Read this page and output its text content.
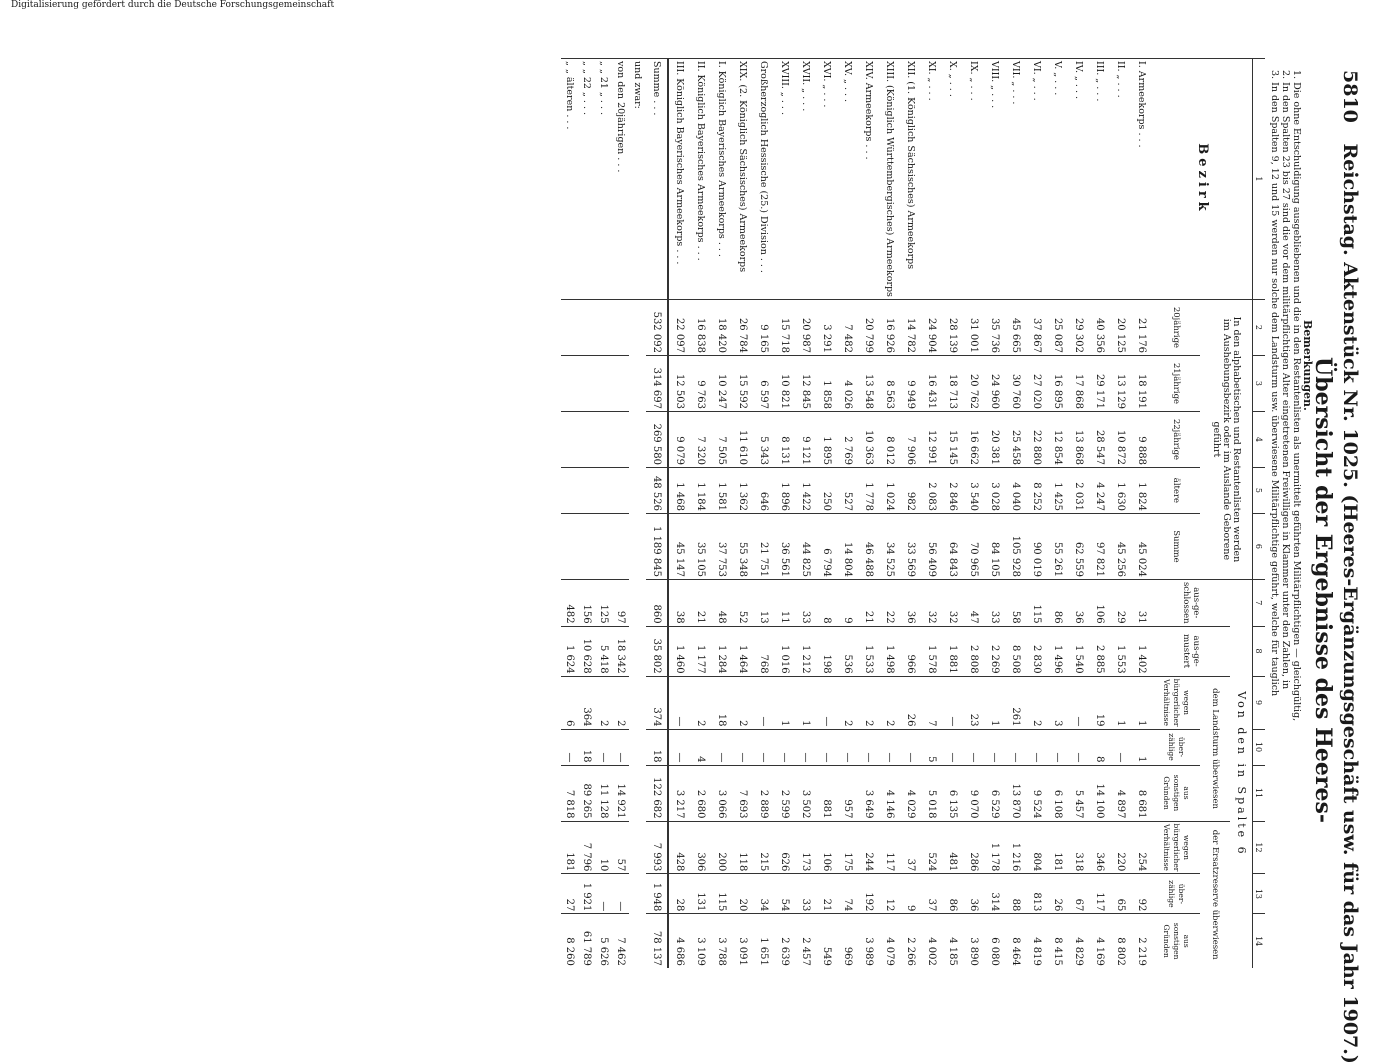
5810 Reichstag. Aktenstück Nr. 1025. (Heeres-Ergänzungsgeschäft usw. für das Jahr 1907.)
Übersicht der Ergebnisse des Heeres-
Bemerkungen.
1. Die ohne Entschuldigung ausgebliebenen und die in den Restantenlisten als unermittelt geführten Militärpflichtigen — gleichgültig,
2. In den Spalten 23 bis 27 sind die vor dem militärpflichtigen Alter eingetretenen Freiwilligen in Klammer unter den Zahlen, in
3. In den Spalten 9, 12 und 15 werden nur solche dem Landsturm usw. überwiesene Militärpflichtige geführt, welche für tauglich
1	2	3	4	5	6	7	8	9	10	11	12	13	14
Bezirk	In den alphabetischen und Restantenlisten werden im Aushebungsbezirk oder im Auslande Geborene geführt					Von den in Spalte 6							
						aus-ge-schlossen	aus-ge-mustert	dem Landsturm überwiesen			der Ersatzreserve überwiesen		
	20jährige	21jährige	22jährige	ältere	Summe			wegen bürgerlicher Verhältnisse	über-zählige	aus sonstigen Gründen	wegen bürgerlicher Verhältnisse	über-zählige	aus sonstigen Gründen
I. Armeekorps . . .	21 176	18 191	9 888	1 824	45 024	31	1 402	1	1	8 681	254	92	2 219
II. „ . . .	20 125	13 129	10 872	1 630	45 256	29	1 553	1	—	4 897	220	65	8 802
III. „ . . .	40 356	29 171	28 547	4 247	97 821	106	2 885	19	8	14 100	346	117	4 169
IV. „ . . .	29 302	17 868	13 868	2 031	62 559	36	1 540	—	—	5 457	318	67	4 829
V. „ . . .	25 087	16 895	12 854	1 425	55 261	86	1 496	3	—	6 108	181	26	8 415
VI. „ . . .	37 867	27 020	22 880	8 252	90 019	115	2 830	2	—	9 524	804	813	4 819
VII. „ . . .	45 665	30 760	25 458	4 040	105 928	58	8 508	261	—	13 870	1 216	88	8 464
VIII. „ . . .	35 736	24 960	20 381	3 028	84 105	33	2 269	1	—	6 529	1 178	314	6 080
IX. „ . . .	31 001	20 762	16 662	3 540	70 965	47	2 808	23	—	9 070	286	36	3 890
X. „ . . .	28 139	18 713	15 145	2 846	64 843	32	1 881	—	—	6 135	481	86	4 185
XI. „ . . .	24 904	16 431	12 991	2 083	56 409	32	1 578	7	5	5 018	524	37	4 002
XII. (1. Königlich Sächsisches) Armeekorps	14 782	9 949	7 906	982	33 569	36	966	26	—	4 029	37	9	2 266
XIII. (Königlich Württembergisches) Armeekorps	16 926	8 563	8 012	1 024	34 525	22	1 498	2	—	4 146	117	12	4 079
XIV. Armeekorps . . .	20 799	13 548	10 363	1 778	46 488	21	1 533	2	—	3 649	244	192	3 989
XV. „ . . .	7 482	4 026	2 769	527	14 804	9	536	2	—	957	175	74	969
XVI. „ . . .	3 291	1 858	1 895	250	6 794	8	198	—	—	881	106	21	549
XVII. „ . . .	20 987	12 845	9 121	1 422	44 825	33	1 212	1	—	3 502	173	33	2 457
XVIII. „ . . .	15 718	10 821	8 131	1 896	36 561	11	1 016	1	—	2 599	626	54	2 639
Großherzoglich Hessische (25.) Division . . .	9 165	6 597	5 343	646	21 751	13	768	—	—	2 889	215	34	1 651
XIX. (2. Königlich Sächsisches) Armeekorps	26 784	15 592	11 610	1 362	55 348	52	1 464	2	—	7 693	118	20	3 091
I. Königlich Bayerisches Armeekorps . . .	18 420	10 247	7 505	1 581	37 753	48	1 284	18	—	3 066	200	115	3 788
II. Königlich Bayerisches Armeekorps . . .	16 838	9 763	7 320	1 184	35 105	21	1 177	2	4	2 680	306	131	3 109
III. Königlich Bayerisches Armeekorps . . .	22 097	12 503	9 079	1 468	45 147	38	1 460	—	—	3 217	428	28	4 686
Summe . . .	532 092	314 697	269 580	48 526	1 189 845	860	35 802	374	18	122 682	7 993	1 948	78 137
und zwar:													
von den 20jährigen . . .						97	18 342	2	—	14 921	57	—	7 462
„ „ 21 „ . . .						125	5 418	2	—	11 128	10	—	5 626
„ „ 22 „ . . .						156	10 628	364	18	89 265	7 796	1 921	61 789
„ „ älteren . . .						482	1 624	6	—	7 818	181	27	8 260
Digitalisierung gefördert durch die Deutsche Forschungsgemeinschaft
